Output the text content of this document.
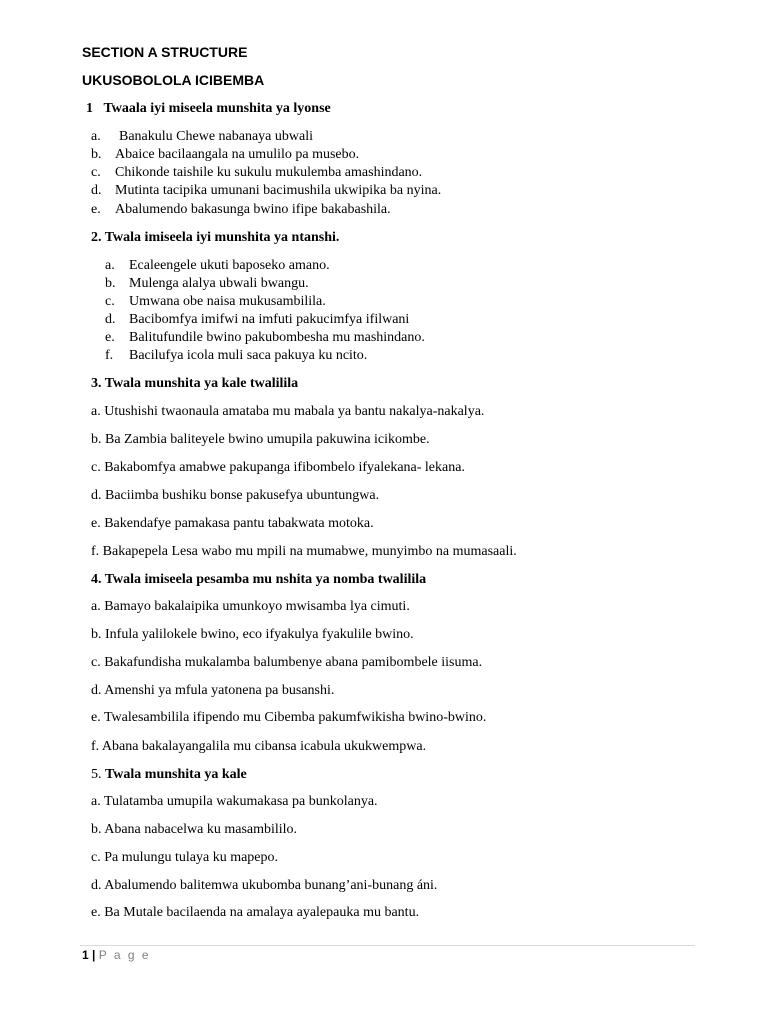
SECTION A STRUCTURE
UKUSOBOLOLA ICIBEMBA
1 Twaala iyi miseela munshita ya lyonse
a. Banakulu Chewe nabanaya ubwali
b. Abaice bacilaangala na umulilo pa musebo.
c. Chikonde taishile ku sukulu mukulemba amashindano.
d. Mutinta tacipika umunani bacimushila ukwipika ba nyina.
e. Abalumendo bakasunga bwino ifipe bakabashila.
2. Twala imiseela iyi munshita ya ntanshi.
a. Ecaleengele ukuti baposeko amano.
b. Mulenga alalya ubwali bwangu.
c. Umwana obe naisa mukusambilila.
d. Bacibomfya imifwi na imfuti pakucimfya ifilwani
e. Balitufundile bwino pakubombesha mu mashindano.
f. Bacilufya icola muli saca pakuya ku ncito.
3. Twala munshita ya kale twalilila
a. Utushishi twaonaula amataba mu mabala ya bantu nakalya-nakalya.
b. Ba Zambia baliteyele bwino umupila pakuwina icikombe.
c. Bakabomfya amabwe pakupanga ifibombelo ifyalekana- lekana.
d. Baciimba bushiku bonse pakusefya ubuntungwa.
e. Bakendafye pamakasa pantu tabakwata motoka.
f. Bakapepela Lesa wabo mu mpili na mumabwe, munyimbo na mumasaali.
4. Twala imiseela pesamba mu nshita ya nomba twalilila
a. Bamayo bakalaipika umunkoyo mwisamba lya cimuti.
b. Infula yalilokele bwino, eco ifyakulya fyakulile bwino.
c. Bakafundisha mukalamba balumbenye abana pamibombele iisuma.
d. Amenshi ya mfula yatonena pa busanshi.
e. Twalesambilila ifipendo mu Cibemba pakumfwikisha bwino-bwino.
f. Abana bakalayangalila mu cibansa icabula ukukwempwa.
5. Twala munshita ya kale
a. Tulatamba umupila wakumakasa pa bunkolanya.
b. Abana nabacelwa ku masambililo.
c. Pa mulungu tulaya ku mapepo.
d. Abalumendo balitemwa ukubomba bunang’ani-bunang áni.
e. Ba Mutale bacilaenda na amalaya ayalepauka mu bantu.
1 | P a g e
